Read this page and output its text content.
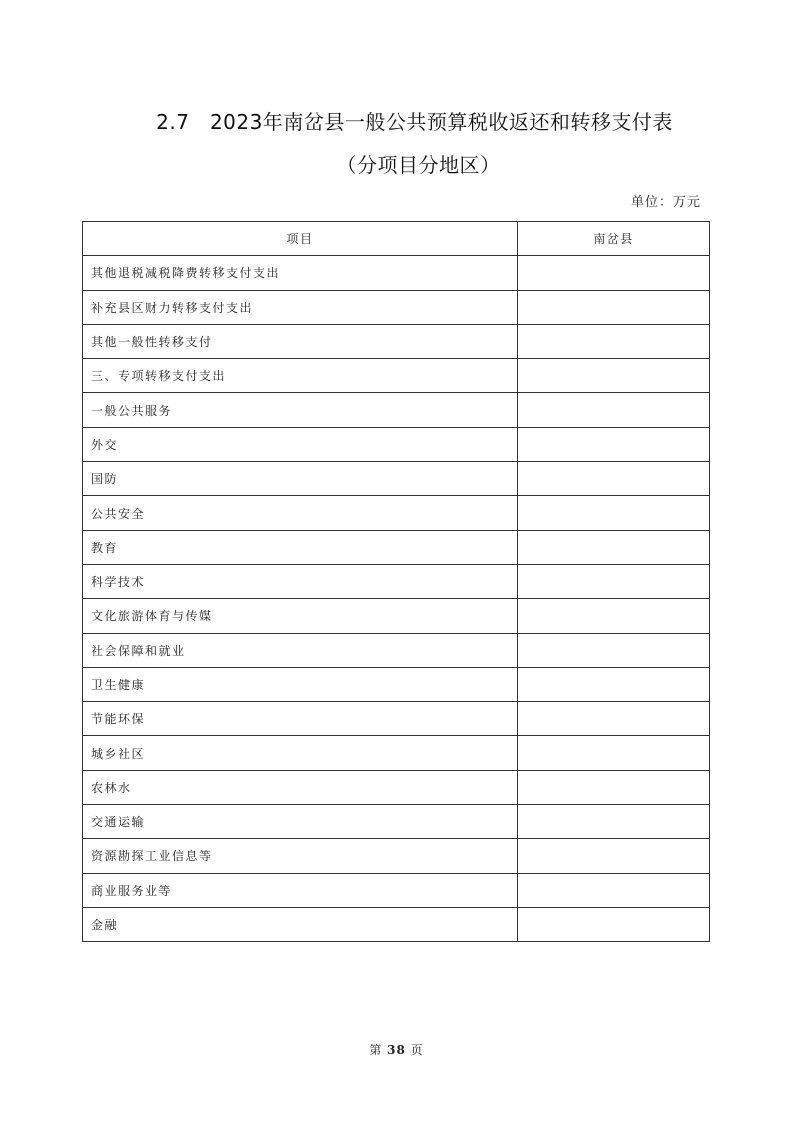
2.7　2023年南岔县一般公共预算税收返还和转移支付表
（分项目分地区）
单位：万元
项目	南岔县
其他退税减税降费转移支付支出	
补充县区财力转移支付支出	
其他一般性转移支付	
三、专项转移支付支出	
一般公共服务	
外交	
国防	
公共安全	
教育	
科学技术	
文化旅游体育与传媒	
社会保障和就业	
卫生健康	
节能环保	
城乡社区	
农林水	
交通运输	
资源勘探工业信息等	
商业服务业等	
金融	
第 38 页
